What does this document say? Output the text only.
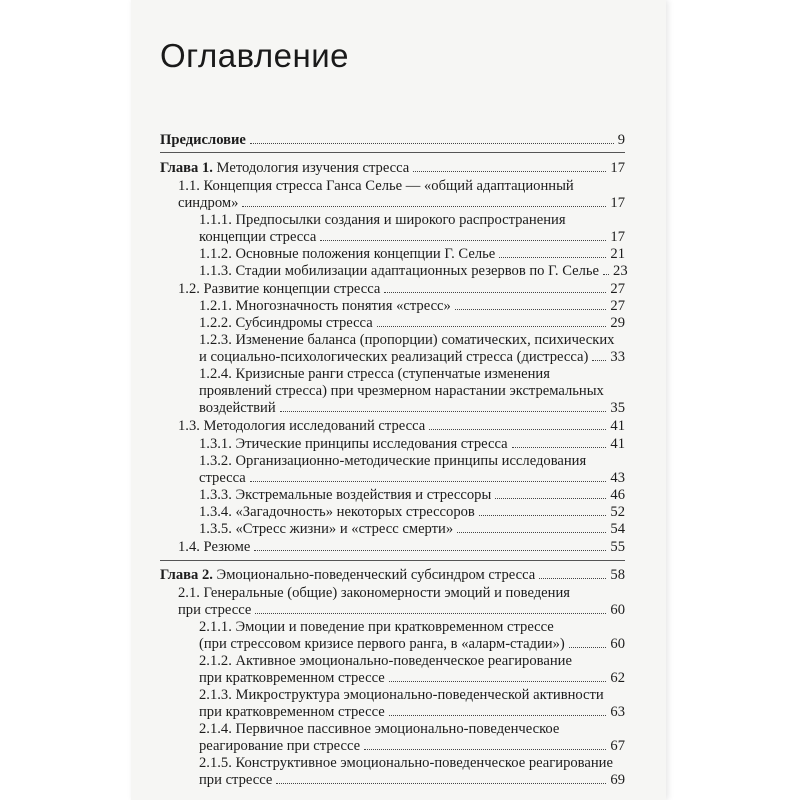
Оглавление
Предисловие	9
Глава 1. Методология изучения стресса	17
1.1. Концепция стресса Ганса Селье — «общий адаптационный
синдром»	17
1.1.1. Предпосылки создания и широкого распространения
концепции стресса	17
1.1.2. Основные положения концепции Г. Селье	21
1.1.3. Стадии мобилизации адаптационных резервов по Г. Селье 23
1.2. Развитие концепции стресса	27
1.2.1. Многозначность понятия «стресс»	27
1.2.2. Субсиндромы стресса	29
1.2.3. Изменение баланса (пропорции) соматических, психических
и социально-психологических реализаций стресса (дистресса) 33
1.2.4. Кризисные ранги стресса (ступенчатые изменения
проявлений стресса) при чрезмерном нарастании экстремальных
воздействий	35
1.3. Методология исследований стресса	41
1.3.1. Этические принципы исследования стресса	41
1.3.2. Организационно-методические принципы исследования
стресса	43
1.3.3. Экстремальные воздействия и стрессоры	46
1.3.4. «Загадочность» некоторых стрессоров	52
1.3.5. «Стресс жизни» и «стресс смерти»	54
1.4. Резюме	55
Глава 2. Эмоционально-поведенческий субсиндром стресса	58
2.1. Генеральные (общие) закономерности эмоций и поведения
при стрессе	60
2.1.1. Эмоции и поведение при кратковременном стрессе
(при стрессовом кризисе первого ранга, в «аларм-стадии»)	60
2.1.2. Активное эмоционально-поведенческое реагирование
при кратковременном стрессе	62
2.1.3. Микроструктура эмоционально-поведенческой активности
при кратковременном стрессе	63
2.1.4. Первичное пассивное эмоционально-поведенческое
реагирование при стрессе	67
2.1.5. Конструктивное эмоционально-поведенческое реагирование
при стрессе	69
